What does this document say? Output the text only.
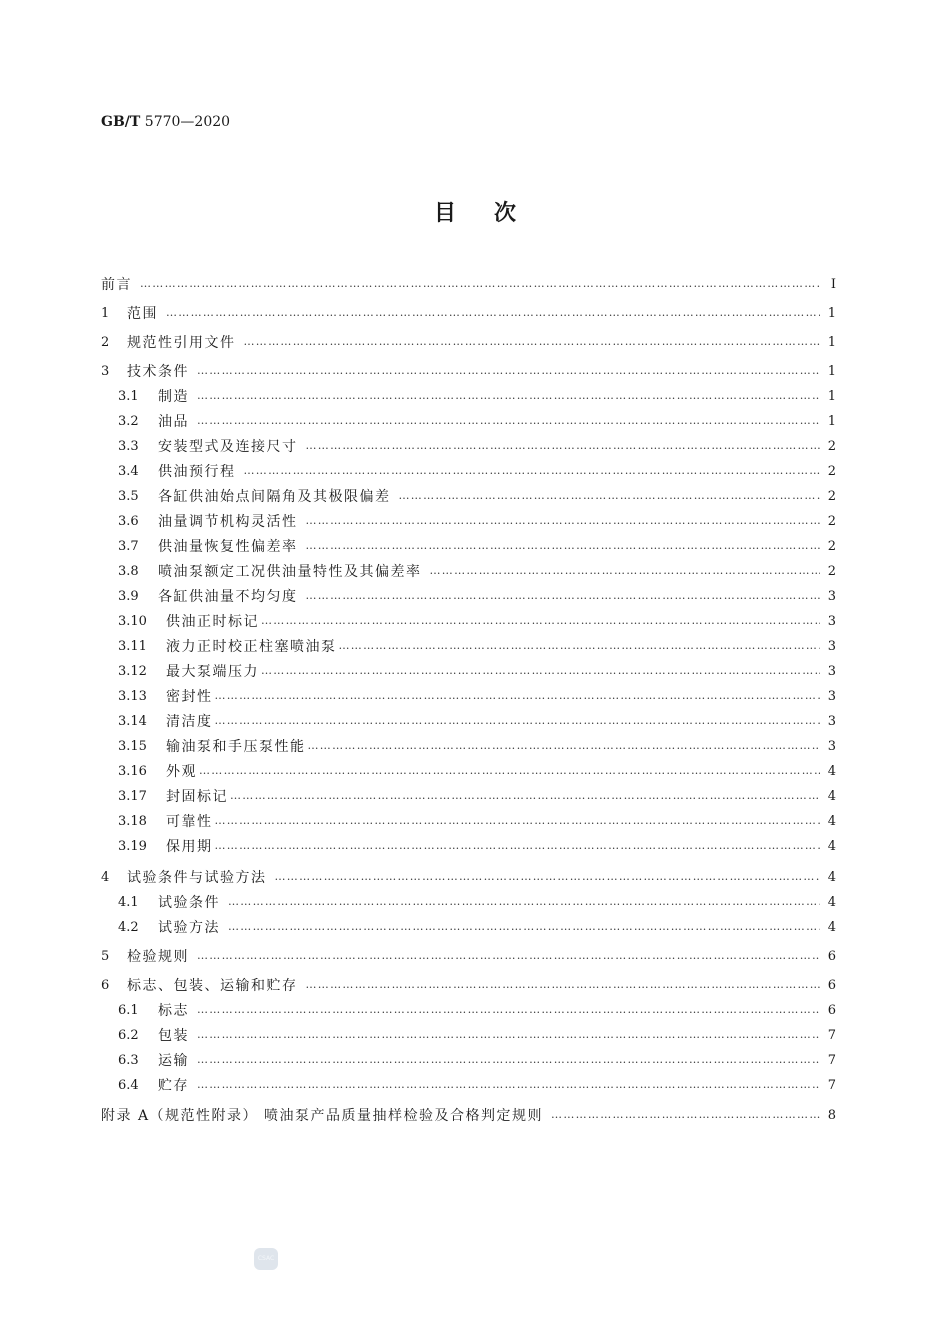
GB/T 5770—2020
目次
前言 …………………………………………………………………………………………………………………………………………………………………………………………………………………………………………	Ⅰ
1	范围 …………………………………………………………………………………………………………………………………………………………………………………………………………………………………………	1
2	规范性引用文件 …………………………………………………………………………………………………………………………………………………………………………………………………………………………………………	1
3	技术条件 …………………………………………………………………………………………………………………………………………………………………………………………………………………………………………	1
3.1	制造 …………………………………………………………………………………………………………………………………………………………………………………………………………………………………………	1
3.2	油品 …………………………………………………………………………………………………………………………………………………………………………………………………………………………………………	1
3.3	安装型式及连接尺寸 …………………………………………………………………………………………………………………………………………………………………………………………………………………………………………	2
3.4	供油预行程 …………………………………………………………………………………………………………………………………………………………………………………………………………………………………………	2
3.5	各缸供油始点间隔角及其极限偏差 …………………………………………………………………………………………………………………………………………………………………………………………………………………………………………	2
3.6	油量调节机构灵活性 …………………………………………………………………………………………………………………………………………………………………………………………………………………………………………	2
3.7	供油量恢复性偏差率 …………………………………………………………………………………………………………………………………………………………………………………………………………………………………………	2
3.8	喷油泵额定工况供油量特性及其偏差率 …………………………………………………………………………………………………………………………………………………………………………………………………………………………………………	2
3.9	各缸供油量不均匀度 …………………………………………………………………………………………………………………………………………………………………………………………………………………………………………	3
3.10	供油正时标记 …………………………………………………………………………………………………………………………………………………………………………………………………………………………………………	3
3.11	液力正时校正柱塞喷油泵 …………………………………………………………………………………………………………………………………………………………………………………………………………………………………………	3
3.12	最大泵端压力 …………………………………………………………………………………………………………………………………………………………………………………………………………………………………………	3
3.13	密封性 …………………………………………………………………………………………………………………………………………………………………………………………………………………………………………	3
3.14	清洁度 …………………………………………………………………………………………………………………………………………………………………………………………………………………………………………	3
3.15	输油泵和手压泵性能 …………………………………………………………………………………………………………………………………………………………………………………………………………………………………………	3
3.16	外观 …………………………………………………………………………………………………………………………………………………………………………………………………………………………………………	4
3.17	封固标记 …………………………………………………………………………………………………………………………………………………………………………………………………………………………………………	4
3.18	可靠性 …………………………………………………………………………………………………………………………………………………………………………………………………………………………………………	4
3.19	保用期 …………………………………………………………………………………………………………………………………………………………………………………………………………………………………………	4
4	试验条件与试验方法 …………………………………………………………………………………………………………………………………………………………………………………………………………………………………………	4
4.1	试验条件 …………………………………………………………………………………………………………………………………………………………………………………………………………………………………………	4
4.2	试验方法 …………………………………………………………………………………………………………………………………………………………………………………………………………………………………………	4
5	检验规则 …………………………………………………………………………………………………………………………………………………………………………………………………………………………………………	6
6	标志、包装、运输和贮存 …………………………………………………………………………………………………………………………………………………………………………………………………………………………………………	6
6.1	标志 …………………………………………………………………………………………………………………………………………………………………………………………………………………………………………	6
6.2	包装 …………………………………………………………………………………………………………………………………………………………………………………………………………………………………………	7
6.3	运输 …………………………………………………………………………………………………………………………………………………………………………………………………………………………………………	7
6.4	贮存 …………………………………………………………………………………………………………………………………………………………………………………………………………………………………………	7
附录 A（规范性附录） 喷油泵产品质量抽样检验及合格判定规则 …………………………………………………………………………………………………………………………………………………………………………………………………………………………………………	8
CSAC
